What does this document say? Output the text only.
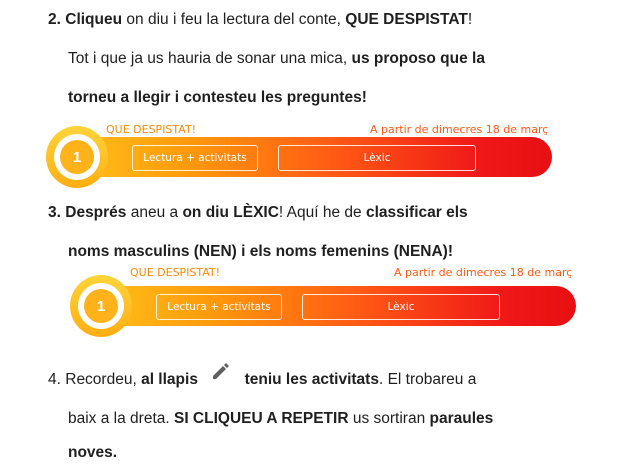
2. Cliqueu on diu i feu la lectura del conte, QUE DESPISTAT!
Tot i que ja us hauria de sonar una mica, us proposo que la
torneu a llegir i contesteu les preguntes!
QUE DESPISTAT!	A partir de dimecres 18 de març
1	Lectura + activitats	Lèxic
3. Després aneu a on diu LÈXIC! Aquí he de classificar els
noms masculins (NEN) i els noms femenins (NENA)!
QUE DESPISTAT!	A partir de dimecres 18 de març
1	Lectura + activitats	Lèxic
4. Recordeu, al llapis	teniu les activitats. El trobareu a
baix a la dreta. SI CLIQUEU A REPETIR us sortiran paraules
noves.
